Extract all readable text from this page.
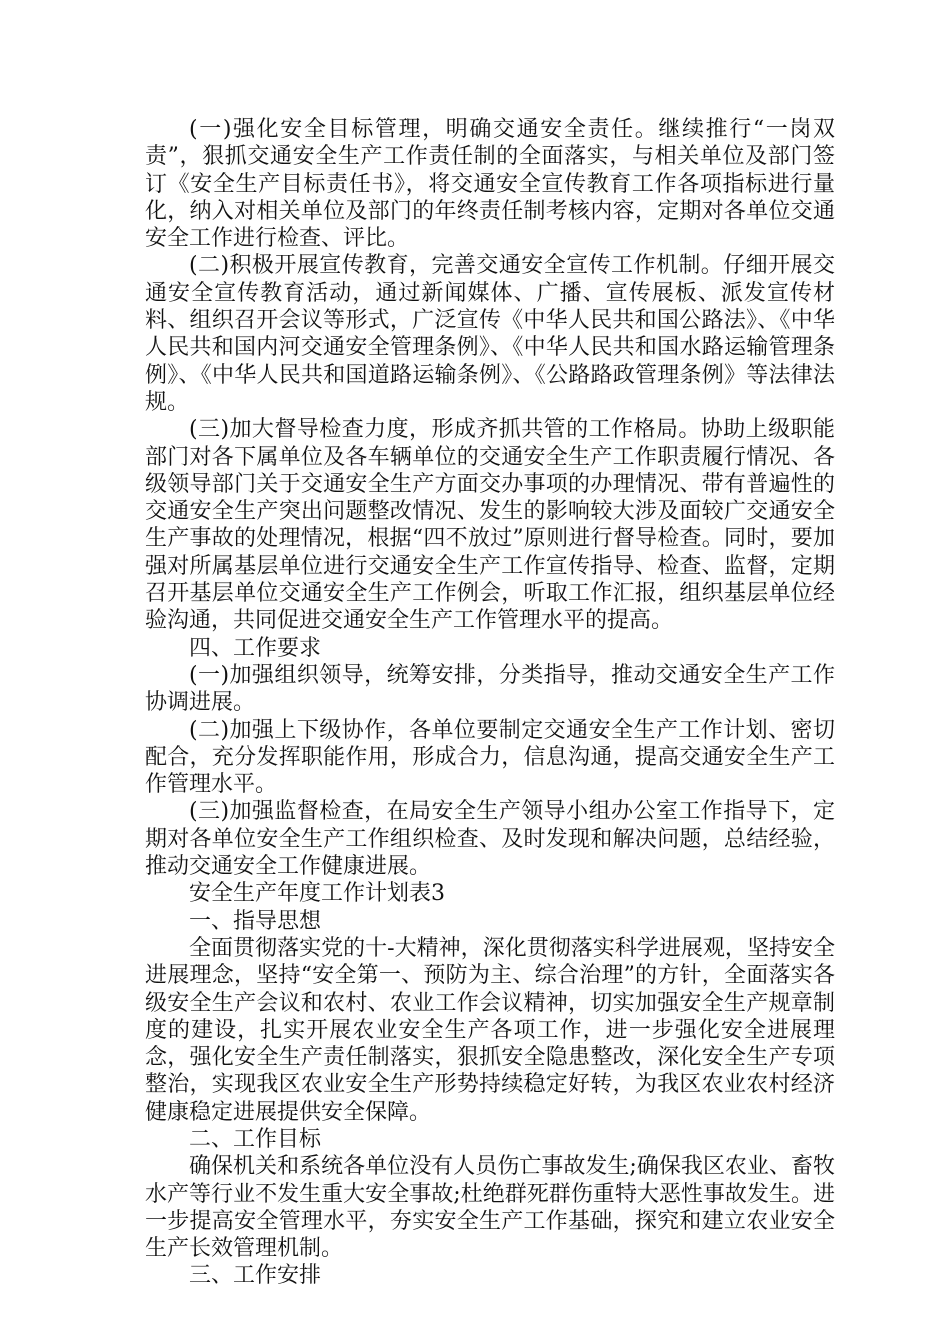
(一)强化安全目标管理，明确交通安全责任。继续推行“一岗双责”，狠抓交通安全生产工作责任制的全面落实，与相关单位及部门签订《安全生产目标责任书》，将交通安全宣传教育工作各项指标进行量化，纳入对相关单位及部门的年终责任制考核内容，定期对各单位交通安全工作进行检查、评比。

(二)积极开展宣传教育，完善交通安全宣传工作机制。仔细开展交通安全宣传教育活动，通过新闻媒体、广播、宣传展板、派发宣传材料、组织召开会议等形式，广泛宣传《中华人民共和国公路法》、《中华人民共和国内河交通安全管理条例》、《中华人民共和国水路运输管理条例》、《中华人民共和国道路运输条例》、《公路路政管理条例》等法律法规。

(三)加大督导检查力度，形成齐抓共管的工作格局。协助上级职能部门对各下属单位及各车辆单位的交通安全生产工作职责履行情况、各级领导部门关于交通安全生产方面交办事项的办理情况、带有普遍性的交通安全生产突出问题整改情况、发生的影响较大涉及面较广交通安全生产事故的处理情况，根据“四不放过”原则进行督导检查。同时，要加强对所属基层单位进行交通安全生产工作宣传指导、检查、监督，定期召开基层单位交通安全生产工作例会，听取工作汇报，组织基层单位经验沟通，共同促进交通安全生产工作管理水平的提高。

四、工作要求

(一)加强组织领导，统筹安排，分类指导，推动交通安全生产工作协调进展。

(二)加强上下级协作，各单位要制定交通安全生产工作计划、密切配合，充分发挥职能作用，形成合力，信息沟通，提高交通安全生产工作管理水平。

(三)加强监督检查，在局安全生产领导小组办公室工作指导下，定期对各单位安全生产工作组织检查、及时发现和解决问题，总结经验，推动交通安全工作健康进展。

安全生产年度工作计划表3

一、指导思想

全面贯彻落实党的十-大精神，深化贯彻落实科学进展观，坚持安全进展理念，坚持“安全第一、预防为主、综合治理”的方针，全面落实各级安全生产会议和农村、农业工作会议精神，切实加强安全生产规章制度的建设，扎实开展农业安全生产各项工作，进一步强化安全进展理念，强化安全生产责任制落实，狠抓安全隐患整改，深化安全生产专项整治，实现我区农业安全生产形势持续稳定好转，为我区农业农村经济健康稳定进展提供安全保障。

二、工作目标

确保机关和系统各单位没有人员伤亡事故发生;确保我区农业、畜牧水产等行业不发生重大安全事故;杜绝群死群伤重特大恶性事故发生。进一步提高安全管理水平，夯实安全生产工作基础，探究和建立农业安全生产长效管理机制。

三、工作安排
